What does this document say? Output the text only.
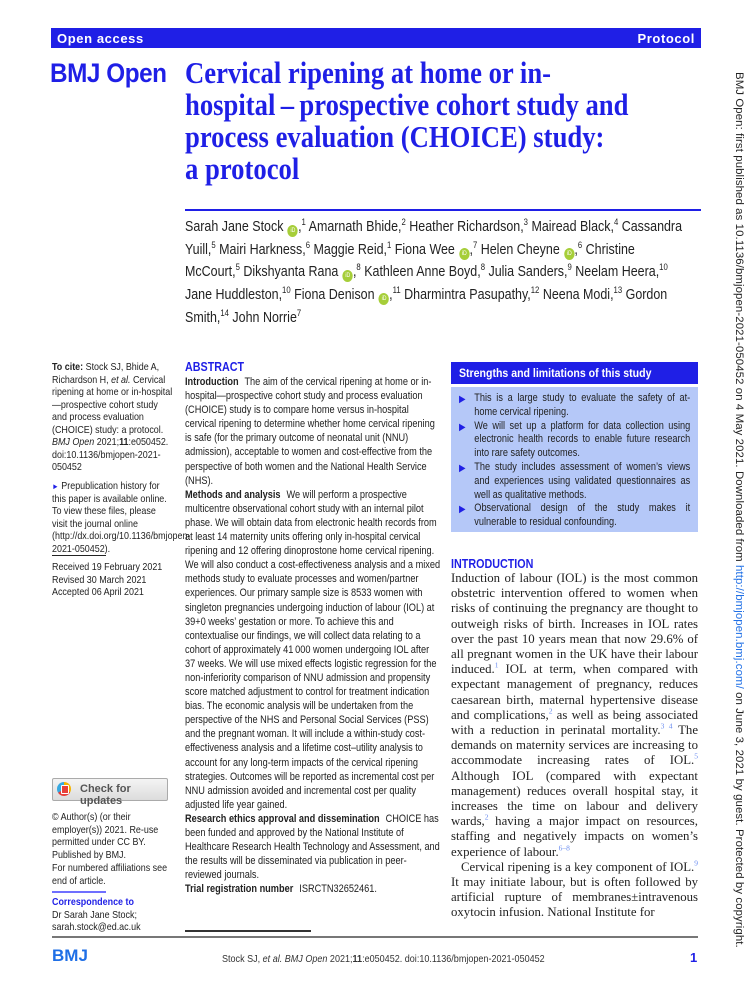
Open access	Protocol
BMJ Open Cervical ripening at home or in-
hospital – prospective cohort study and
process evaluation (CHOICE) study:
a protocol
Sarah Jane Stock iD ,$^1$ Amarnath Bhide,$^2$ Heather Richardson,$^3$ Mairead Black,$^4$ Cassandra Yuill,$^5$ Mairi Harkness,$^6$ Maggie Reid,$^1$ Fiona Wee iD ,$^7$ Helen Cheyne iD ,$^6$ Christine McCourt,$^5$ Dikshyanta Rana iD ,$^8$ Kathleen Anne Boyd,$^8$ Julia Sanders,$^9$ Neelam Heera,$^{10}$ Jane Huddleston,$^{10}$ Fiona Denison iD ,$^{11}$ Dharmintra Pasupathy,$^{12}$ Neena Modi,$^{13}$ Gordon Smith,$^{14}$ John Norrie$^7$
To cite: Stock SJ, Bhide A, Richardson H, et al. Cervical ripening at home or in-hospital—prospective cohort study and process evaluation (CHOICE) study: a protocol. BMJ Open 2021;11:e050452. doi:10.1136/bmjopen-2021-050452
► Prepublication history for this paper is available online. To view these files, please visit the journal online (http://dx.doi.org/10.1136/bmjopen-2021-050452).
Received 19 February 2021
Revised 30 March 2021
Accepted 06 April 2021
Check for updates
© Author(s) (or their employer(s)) 2021. Re-use permitted under CC BY. Published by BMJ.
For numbered affiliations see end of article.
Correspondence to
Dr Sarah Jane Stock;
sarah.stock@ed.ac.uk
ABSTRACT

Introduction The aim of the cervical ripening at home or in-hospital—prospective cohort study and process evaluation (CHOICE) study is to compare home versus in-hospital cervical ripening to determine whether home cervical ripening is safe (for the primary outcome of neonatal unit (NNU) admission), acceptable to women and cost-effective from the perspective of both women and the National Health Service (NHS).

Methods and analysis We will perform a prospective multicentre observational cohort study with an internal pilot phase. We will obtain data from electronic health records from at least 14 maternity units offering only in-hospital cervical ripening and 12 offering dinoprostone home cervical ripening. We will also conduct a cost-effectiveness analysis and a mixed methods study to evaluate processes and women/partner experiences. Our primary sample size is 8533 women with singleton pregnancies undergoing induction of labour (IOL) at 39+0 weeks’ gestation or more. To achieve this and contextualise our findings, we will collect data relating to a cohort of approximately 41 000 women undergoing IOL after 37 weeks. We will use mixed effects logistic regression for the non-inferiority comparison of NNU admission and propensity score matched adjustment to control for treatment indication bias. The economic analysis will be undertaken from the perspective of the NHS and Personal Social Services (PSS) and the pregnant woman. It will include a within-study cost-effectiveness analysis and a lifetime cost–utility analysis to account for any long-term impacts of the cervical ripening strategies. Outcomes will be reported as incremental cost per NNU admission avoided and incremental cost per quality adjusted life year gained.

Research ethics approval and dissemination CHOICE has been funded and approved by the National Institute of Healthcare Research Health Technology and Assessment, and the results will be disseminated via publication in peer-reviewed journals.

Trial registration number ISRCTN32652461.

Strengths and limitations of this study
▶ This is a large study to evaluate the safety of at-home cervical ripening.
▶ We will set up a platform for data collection using electronic health records to enable future research into rare safety outcomes.
▶ The study includes assessment of women’s views and experiences using validated questionnaires as well as qualitative methods.
▶ Observational design of the study makes it vulnerable to residual confounding.
INTRODUCTION

Induction of labour (IOL) is the most common obstetric intervention offered to women when risks of continuing the pregnancy are thought to outweigh risks of birth. Increases in IOL rates over the past 10 years mean that now 29.6% of all pregnant women in the UK have their labour induced.$^1$ IOL at term, when compared with expectant management of pregnancy, reduces caesarean birth, maternal hypertensive disease and complications,$^2$ as well as being associated with a reduction in perinatal mortality.$^{3 4}$ The demands on maternity services are increasing to accommodate increasing rates of IOL.$^5$ Although IOL (compared with expectant management) reduces overall hospital stay, it increases the time on labour and delivery wards,$^2$ having a major impact on resources, staffing and negatively impacts on women’s experience of labour.$^{6-8}$

Cervical ripening is a key component of IOL.$^9$ It may initiate labour, but is often followed by artificial rupture of membranes±intravenous oxytocin infusion. National Institute for

BMJ	Stock SJ, et al. BMJ Open 2021;11:e050452. doi:10.1136/bmjopen-2021-050452	1
BMJ Open: first published as 10.1136/bmjopen-2021-050452 on 4 May 2021. Downloaded from http://bmjopen.bmj.com/ on June 3, 2021 by guest. Protected by copyright.
